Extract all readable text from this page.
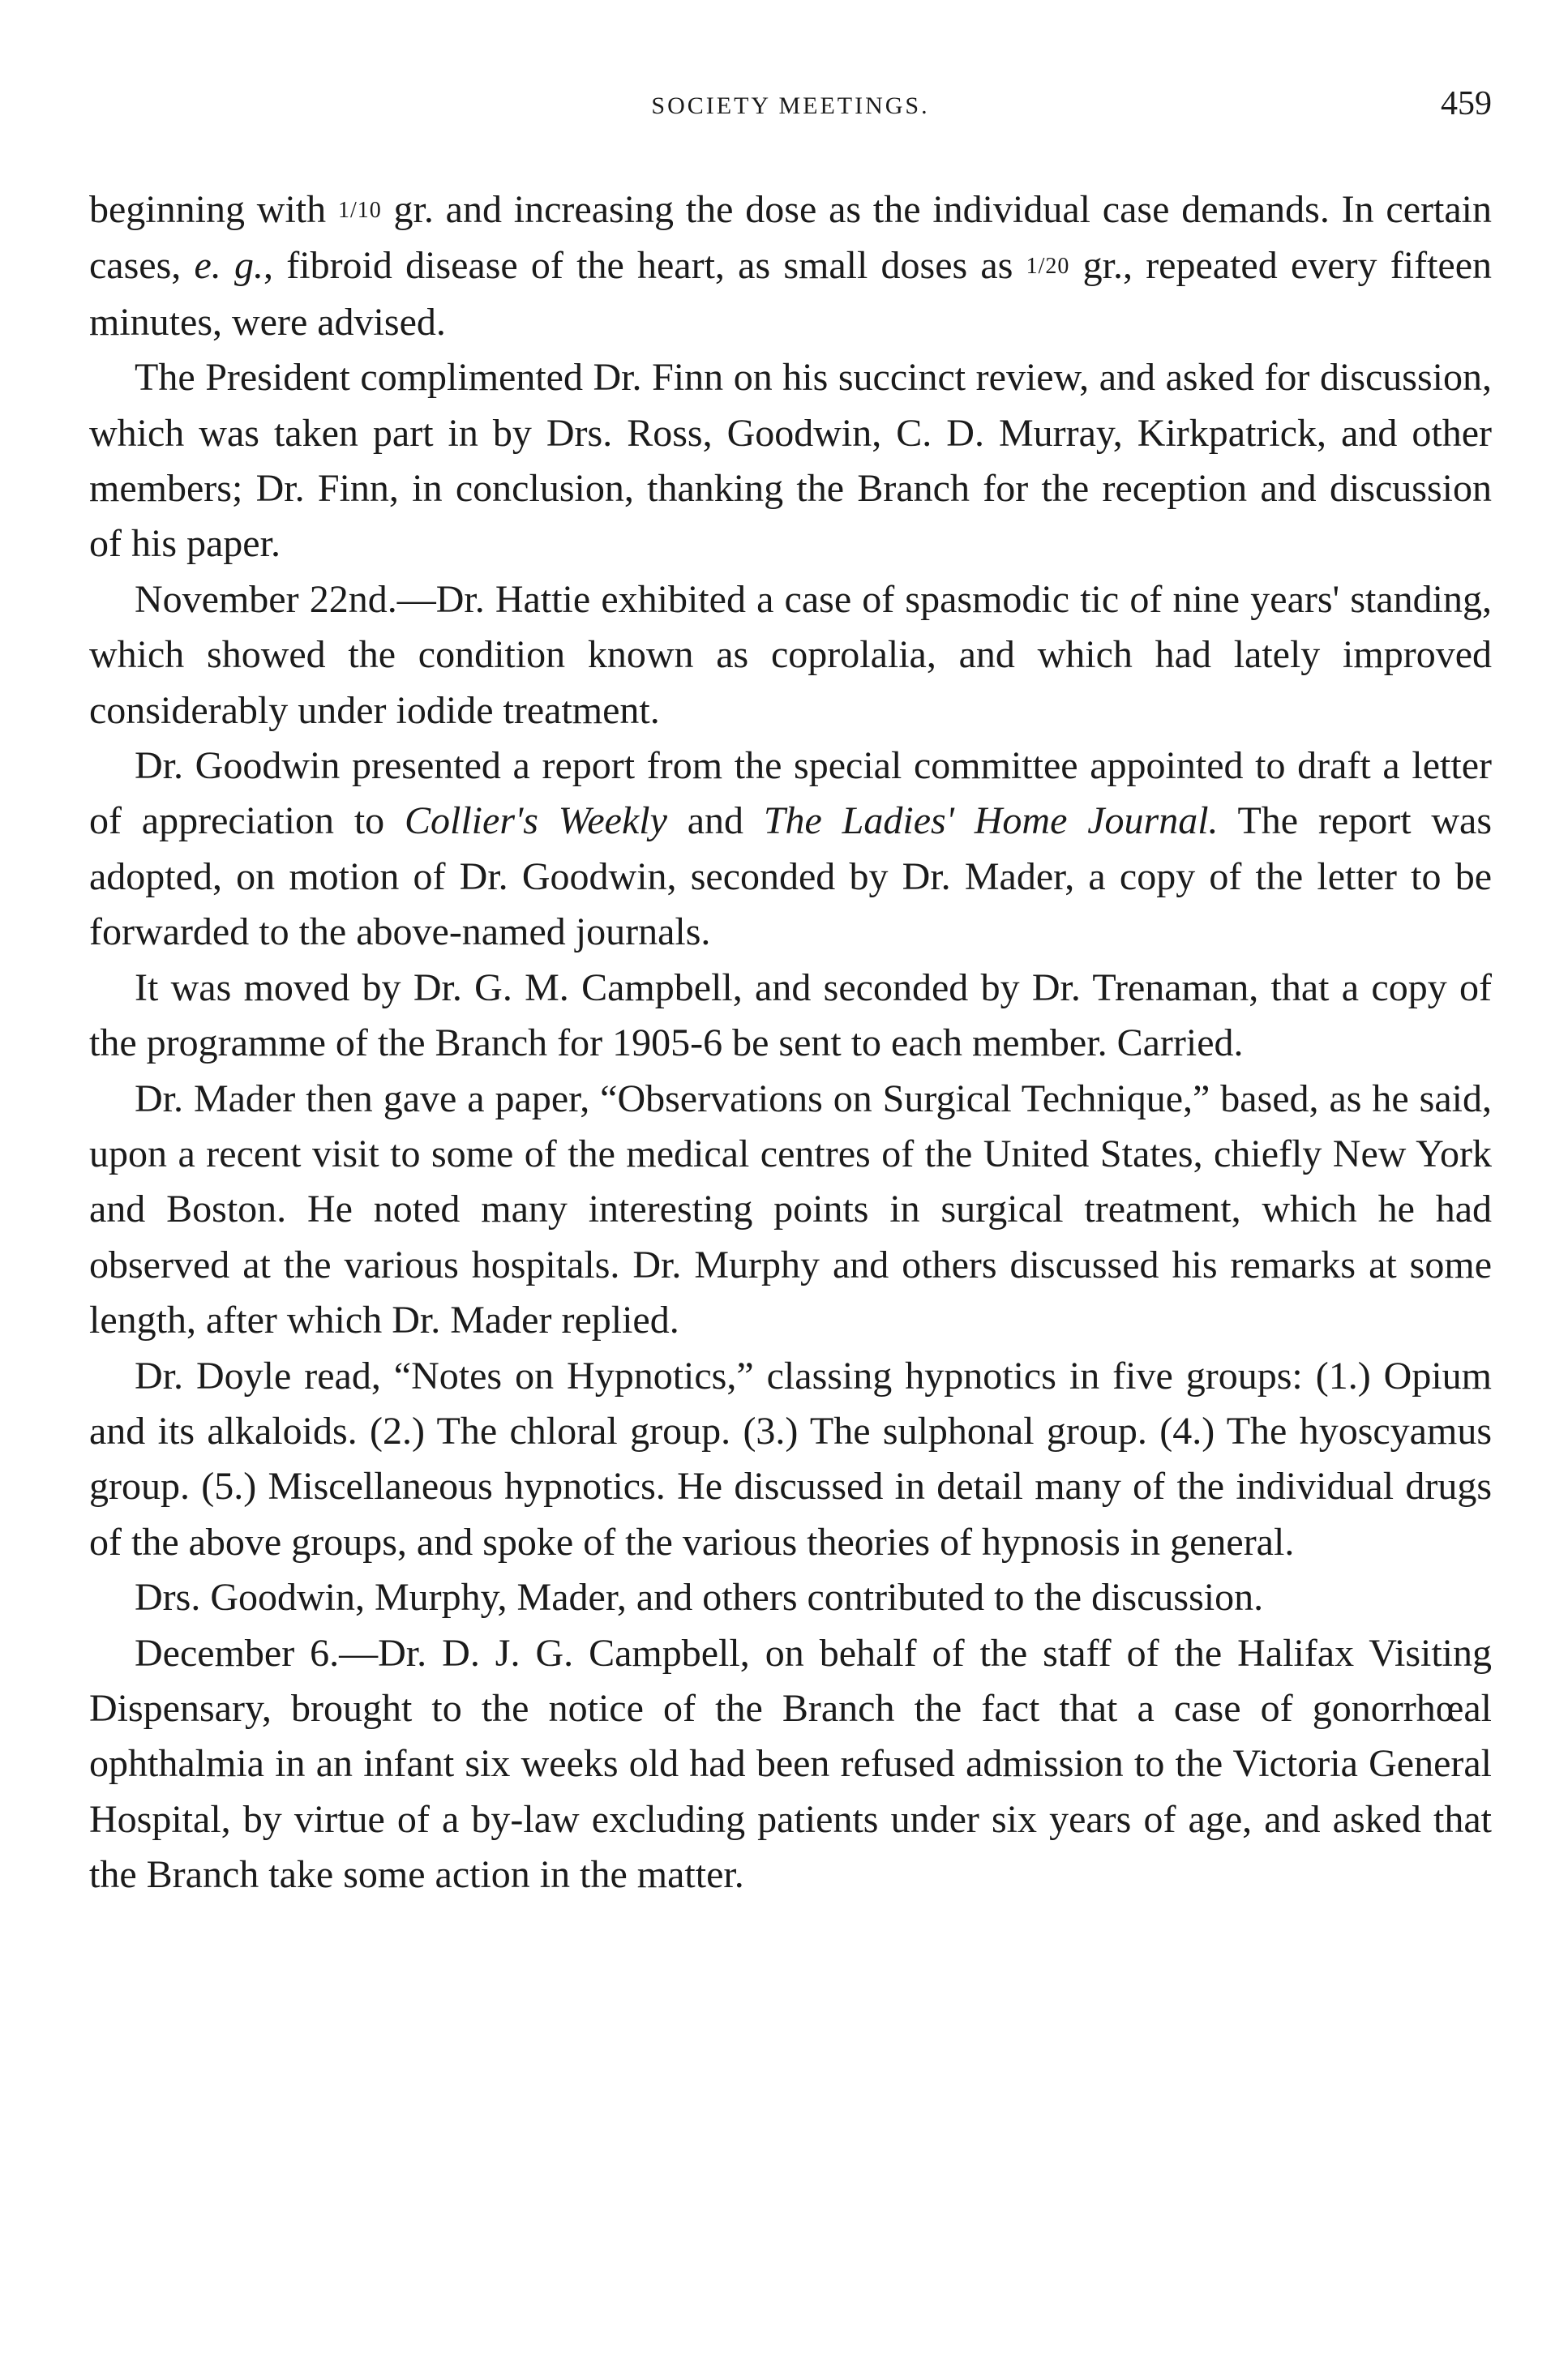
SOCIETY MEETINGS.	459

beginning with 1/10 gr. and increasing the dose as the individual case demands. In certain cases, e. g., fibroid disease of the heart, as small doses as 1/20 gr., repeated every fifteen minutes, were advised.

The President complimented Dr. Finn on his succinct review, and asked for discussion, which was taken part in by Drs. Ross, Goodwin, C. D. Murray, Kirkpatrick, and other members; Dr. Finn, in conclusion, thanking the Branch for the reception and discussion of his paper.

November 22nd.—Dr. Hattie exhibited a case of spasmodic tic of nine years' standing, which showed the condition known as coprolalia, and which had lately improved considerably under iodide treatment.

Dr. Goodwin presented a report from the special committee appointed to draft a letter of appreciation to Collier's Weekly and The Ladies' Home Journal. The report was adopted, on motion of Dr. Goodwin, seconded by Dr. Mader, a copy of the letter to be forwarded to the above-named journals.

It was moved by Dr. G. M. Campbell, and seconded by Dr. Trenaman, that a copy of the programme of the Branch for 1905-6 be sent to each member. Carried.

Dr. Mader then gave a paper, “Observations on Surgical Technique,” based, as he said, upon a recent visit to some of the medical centres of the United States, chiefly New York and Boston. He noted many interesting points in surgical treatment, which he had observed at the various hospitals. Dr. Murphy and others discussed his remarks at some length, after which Dr. Mader replied.

Dr. Doyle read, “Notes on Hypnotics,” classing hypnotics in five groups: (1.) Opium and its alkaloids. (2.) The chloral group. (3.) The sulphonal group. (4.) The hyoscyamus group. (5.) Miscellaneous hypnotics. He discussed in detail many of the individual drugs of the above groups, and spoke of the various theories of hypnosis in general.

Drs. Goodwin, Murphy, Mader, and others contributed to the discussion.

December 6.—Dr. D. J. G. Campbell, on behalf of the staff of the Halifax Visiting Dispensary, brought to the notice of the Branch the fact that a case of gonorrhœal ophthalmia in an infant six weeks old had been refused admission to the Victoria General Hospital, by virtue of a by-law excluding patients under six years of age, and asked that the Branch take some action in the matter.
